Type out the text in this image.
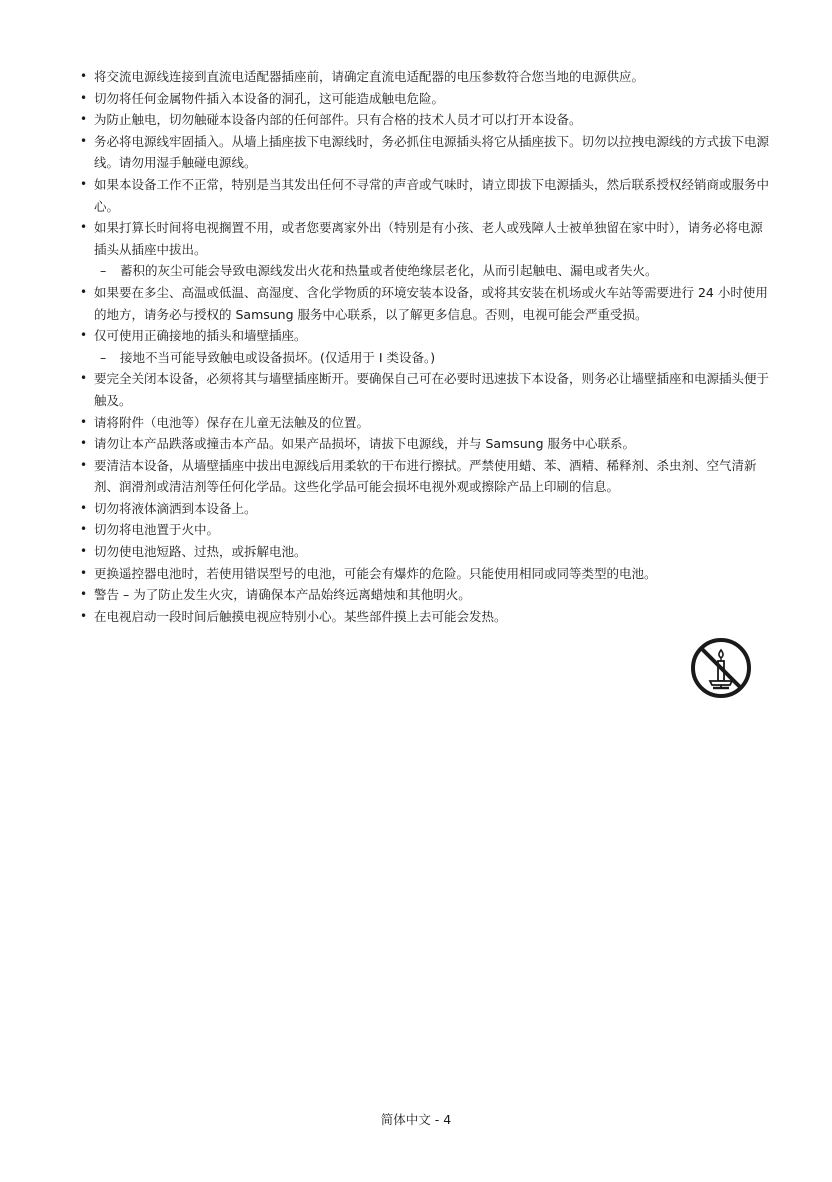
• 将交流电源线连接到直流电适配器插座前，请确定直流电适配器的电压参数符合您当地的电源供应。
• 切勿将任何金属物件插入本设备的洞孔，这可能造成触电危险。
• 为防止触电，切勿触碰本设备内部的任何部件。只有合格的技术人员才可以打开本设备。
• 务必将电源线牢固插入。从墙上插座拔下电源线时，务必抓住电源插头将它从插座拔下。切勿以拉拽电源线的方式拔下电源线。请勿用湿手触碰电源线。
• 如果本设备工作不正常，特别是当其发出任何不寻常的声音或气味时，请立即拔下电源插头，然后联系授权经销商或服务中心。
• 如果打算长时间将电视搁置不用，或者您要离家外出（特别是有小孩、老人或残障人士被单独留在家中时），请务必将电源插头从插座中拔出。
– 蓄积的灰尘可能会导致电源线发出火花和热量或者使绝缘层老化，从而引起触电、漏电或者失火。
• 如果要在多尘、高温或低温、高湿度、含化学物质的环境安装本设备，或将其安装在机场或火车站等需要进行 24 小时使用的地方，请务必与授权的 Samsung 服务中心联系，以了解更多信息。否则，电视可能会严重受损。
• 仅可使用正确接地的插头和墙壁插座。
– 接地不当可能导致触电或设备损坏。(仅适用于 I 类设备。)
• 要完全关闭本设备，必须将其与墙壁插座断开。要确保自己可在必要时迅速拔下本设备，则务必让墙壁插座和电源插头便于触及。
• 请将附件（电池等）保存在儿童无法触及的位置。
• 请勿让本产品跌落或撞击本产品。如果产品损坏，请拔下电源线，并与 Samsung 服务中心联系。
• 要清洁本设备，从墙壁插座中拔出电源线后用柔软的干布进行擦拭。严禁使用蜡、苯、酒精、稀释剂、杀虫剂、空气清新剂、润滑剂或清洁剂等任何化学品。这些化学品可能会损坏电视外观或擦除产品上印刷的信息。
• 切勿将液体滴洒到本设备上。
• 切勿将电池置于火中。
• 切勿使电池短路、过热，或拆解电池。
• 更换遥控器电池时，若使用错误型号的电池，可能会有爆炸的危险。只能使用相同或同等类型的电池。
• 警告 – 为了防止发生火灾，请确保本产品始终远离蜡烛和其他明火。
• 在电视启动一段时间后触摸电视应特别小心。某些部件摸上去可能会发热。
简体中文 - 4
